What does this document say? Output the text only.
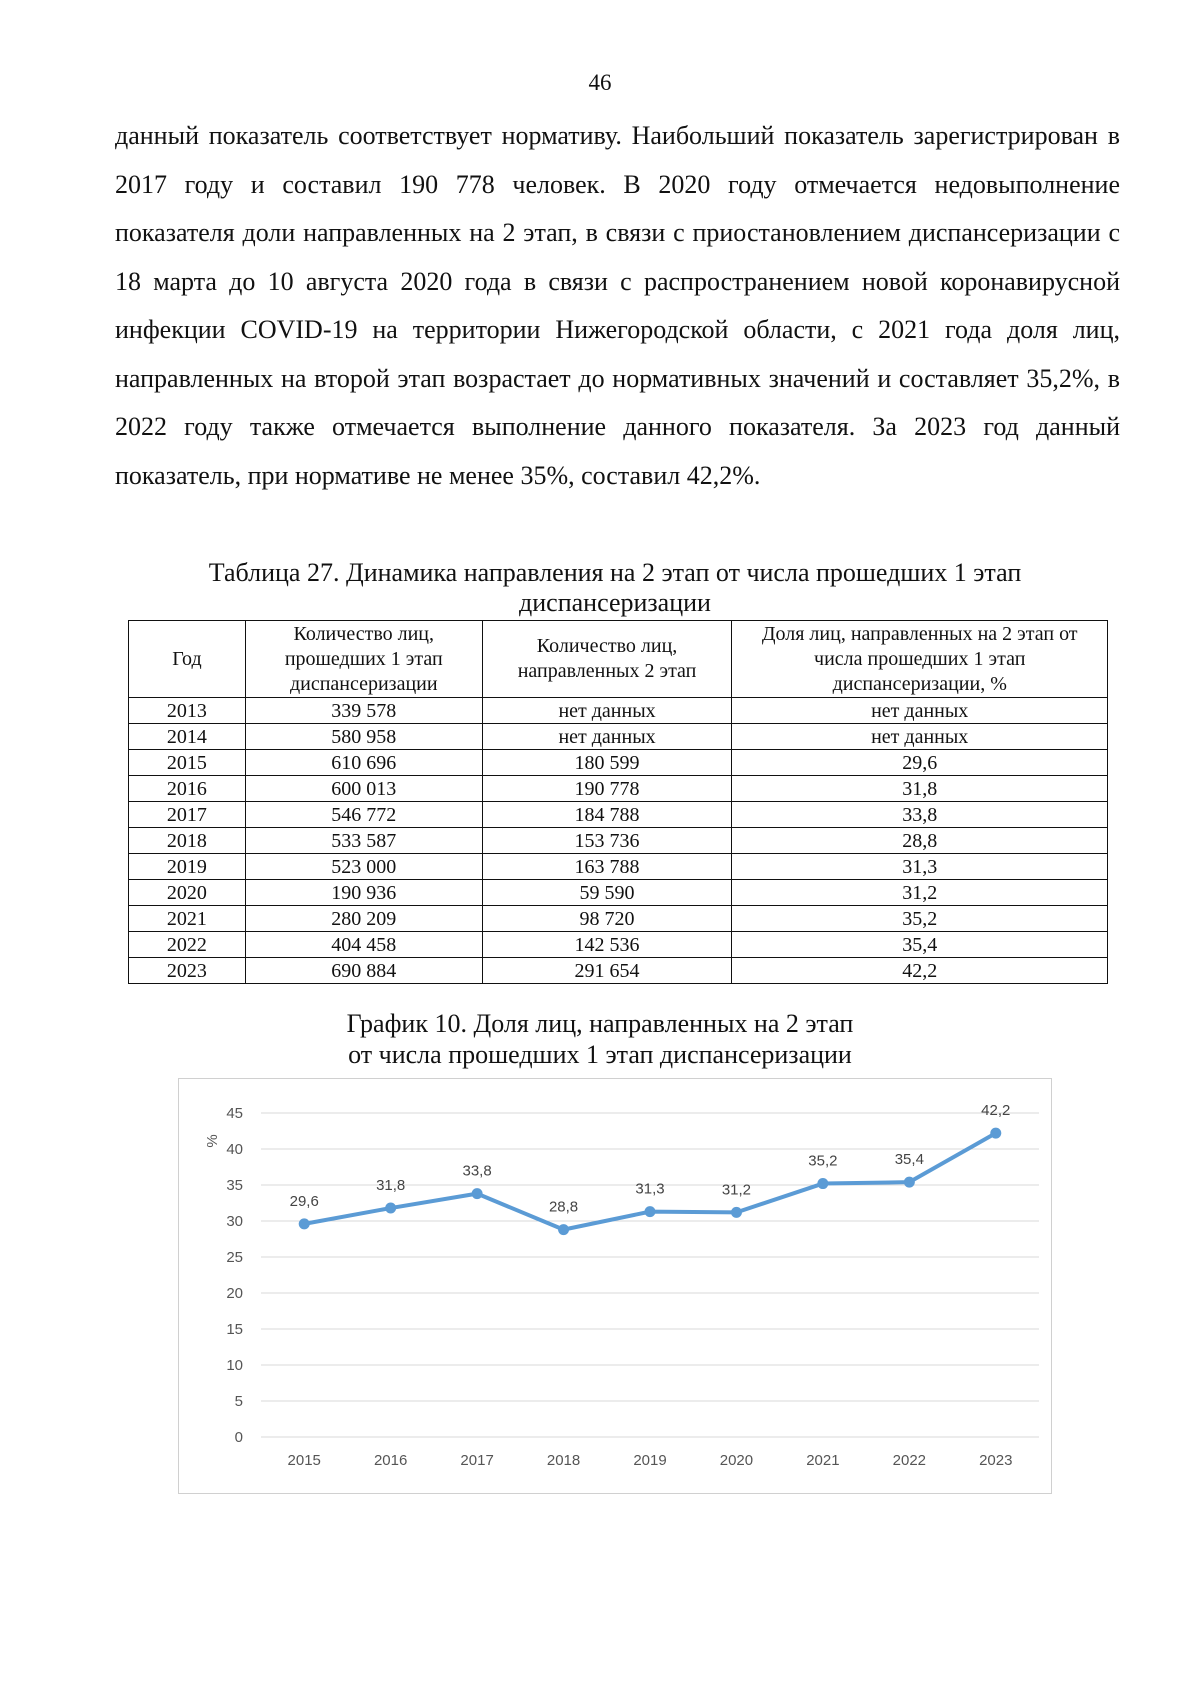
46

данный показатель соответствует нормативу. Наибольший показатель зарегистрирован в 2017 году и составил 190 778 человек. В 2020 году отмечается недовыполнение показателя доли направленных на 2 этап, в связи с приостановлением диспансеризации с 18 марта до 10 августа 2020 года в связи с распространением новой коронавирусной инфекции COVID-19 на территории Нижегородской области, с 2021 года доля лиц, направленных на второй этап возрастает до нормативных значений и составляет 35,2%, в 2022 году также отмечается выполнение данного показателя. За 2023 год данный показатель, при нормативе не менее 35%, составил 42,2%.

Таблица 27. Динамика направления на 2 этап от числа прошедших 1 этап диспансеризации

Год	Количество лиц, прошедших 1 этап диспансеризации	Количество лиц, направленных 2 этап	Доля лиц, направленных на 2 этап от числа прошедших 1 этап диспансеризации, %
2013	339 578	нет данных	нет данных
2014	580 958	нет данных	нет данных
2015	610 696	180 599	29,6
2016	600 013	190 778	31,8
2017	546 772	184 788	33,8
2018	533 587	153 736	28,8
2019	523 000	163 788	31,3
2020	190 936	59 590	31,2
2021	280 209	98 720	35,2
2022	404 458	142 536	35,4
2023	690 884	291 654	42,2
График 10. Доля лиц, направленных на 2 этап
от числа прошедших 1 этап диспансеризации
0
5
10
15
20
25
30
35
40
45
%
2015	2016	2017	2018	2019	2020	2021	2022	2023
29,6
31,8
33,8
28,8
31,3	31,2
35,2	35,4
42,2
